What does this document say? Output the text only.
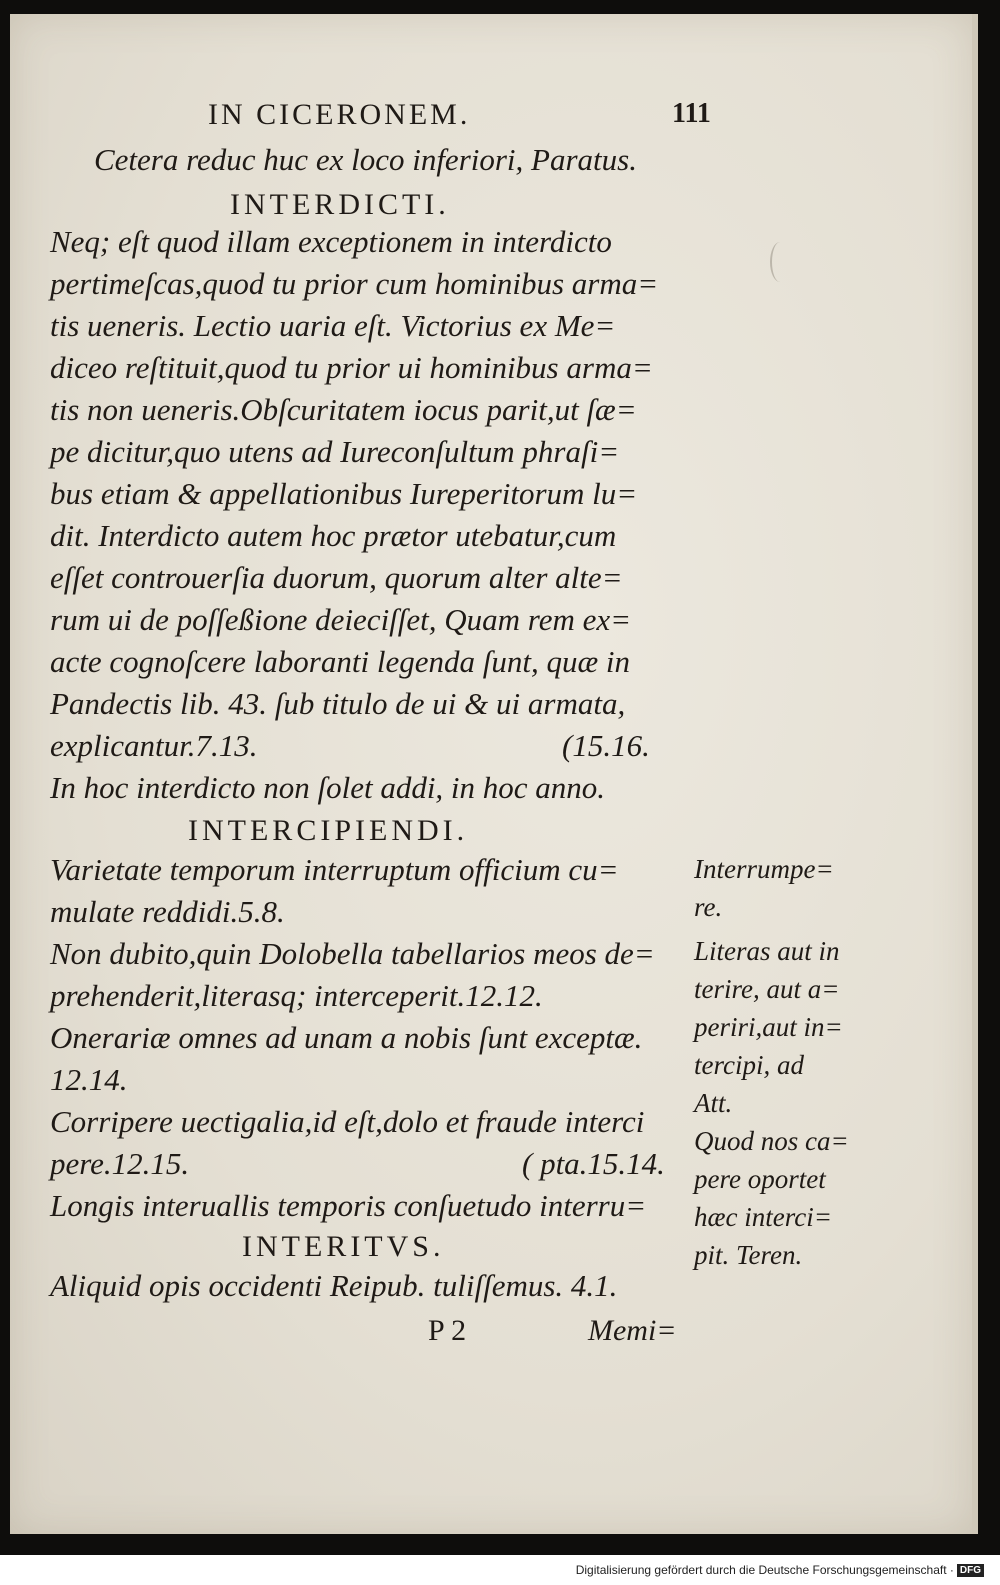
IN CICERONEM.	111
Cetera reduc huc ex loco inferiori, Paratus.
INTERDICTI.
Neq; eſt quod illam exceptionem in interdicto
pertimeſcas,quod tu prior cum hominibus arma=
tis ueneris. Lectio uaria eſt. Victorius ex Me=
diceo reſtituit,quod tu prior ui hominibus arma=
tis non ueneris.Obſcuritatem iocus parit,ut ſæ=
pe dicitur,quo utens ad Iureconſultum phraſi=
bus etiam & appellationibus Iureperitorum lu=
dit. Interdicto autem hoc prætor utebatur,cum
eſſet controuerſia duorum, quorum alter alte=
rum ui de poſſeßione deieciſſet, Quam rem ex=
acte cognoſcere laboranti legenda ſunt, quæ in
Pandectis lib. 43. ſub titulo de ui & ui armata,
explicantur.7.13.	(15.16.
In hoc interdicto non ſolet addi, in hoc anno.
INTERCIPIENDI.
Varietate temporum interruptum officium cu=
mulate reddidi.5.8.
Non dubito,quin Dolobella tabellarios meos de=
prehenderit,literasq; interceperit.12.12.
Onerariæ omnes ad unam a nobis ſunt exceptæ.
12.14.
Corripere uectigalia,id eſt,dolo et fraude interci
pere.12.15.	( pta.15.14.
Longis interuallis temporis conſuetudo interru=
INTERITVS.
Aliquid opis occidenti Reipub. tuliſſemus. 4.1.
Interrumpe=
re.
Literas aut in
terire, aut a=
periri,aut in=
tercipi, ad
Att.
Quod nos ca=
pere oportet
hæc interci=
pit. Teren.
P 2	Memi=
Digitalisierung gefördert durch die Deutsche Forschungsgemeinschaft · DFG
